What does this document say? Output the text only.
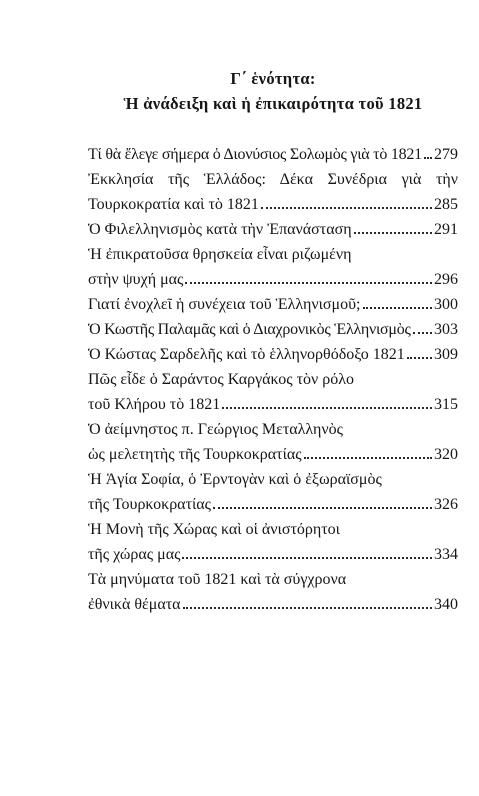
Γ΄ ἑνότητα:
Ἡ ἀνάδειξη καὶ ἡ ἐπικαιρότητα τοῦ 1821
Τί θὰ ἔλεγε σήμερα ὁ Διονύσιος Σολωμὸς γιὰ τὸ 1821 279
Ἐκκλησία τῆς Ἑλλάδος: Δέκα Συνέδρια γιὰ τὴν
Τουρκοκρατία καὶ τὸ 1821	285
Ὁ Φιλελληνισμὸς κατὰ τὴν Ἐπανάσταση	291
Ἡ ἐπικρατοῦσα θρησκεία εἶναι ριζωμένη
στὴν ψυχή μας	296
Γιατί ἐνοχλεῖ ἡ συνέχεια τοῦ Ἑλληνισμοῦ;	300
Ὁ Κωστῆς Παλαμᾶς καὶ ὁ Διαχρονικὸς Ἑλληνισμὸς 303
Ὁ Κώστας Σαρδελῆς καὶ τὸ ἑλληνορθόδοξο 1821 309
Πῶς εἶδε ὁ Σαράντος Καργάκος τὸν ρόλο
τοῦ Κλήρου τὸ 1821	315
Ὁ ἀείμνηστος π. Γεώργιος Μεταλληνὸς
ὡς μελετητὴς τῆς Τουρκοκρατίας	320
Ἡ Ἁγία Σοφία, ὁ Ἐρντογὰν καὶ ὁ ἐξωραϊσμὸς
τῆς Τουρκοκρατίας	326
Ἡ Μονὴ τῆς Χώρας καὶ οἱ ἀνιστόρητοι
τῆς χώρας μας	334
Τὰ μηνύματα τοῦ 1821 καὶ τὰ σύγχρονα
ἐθνικὰ θέματα	340
